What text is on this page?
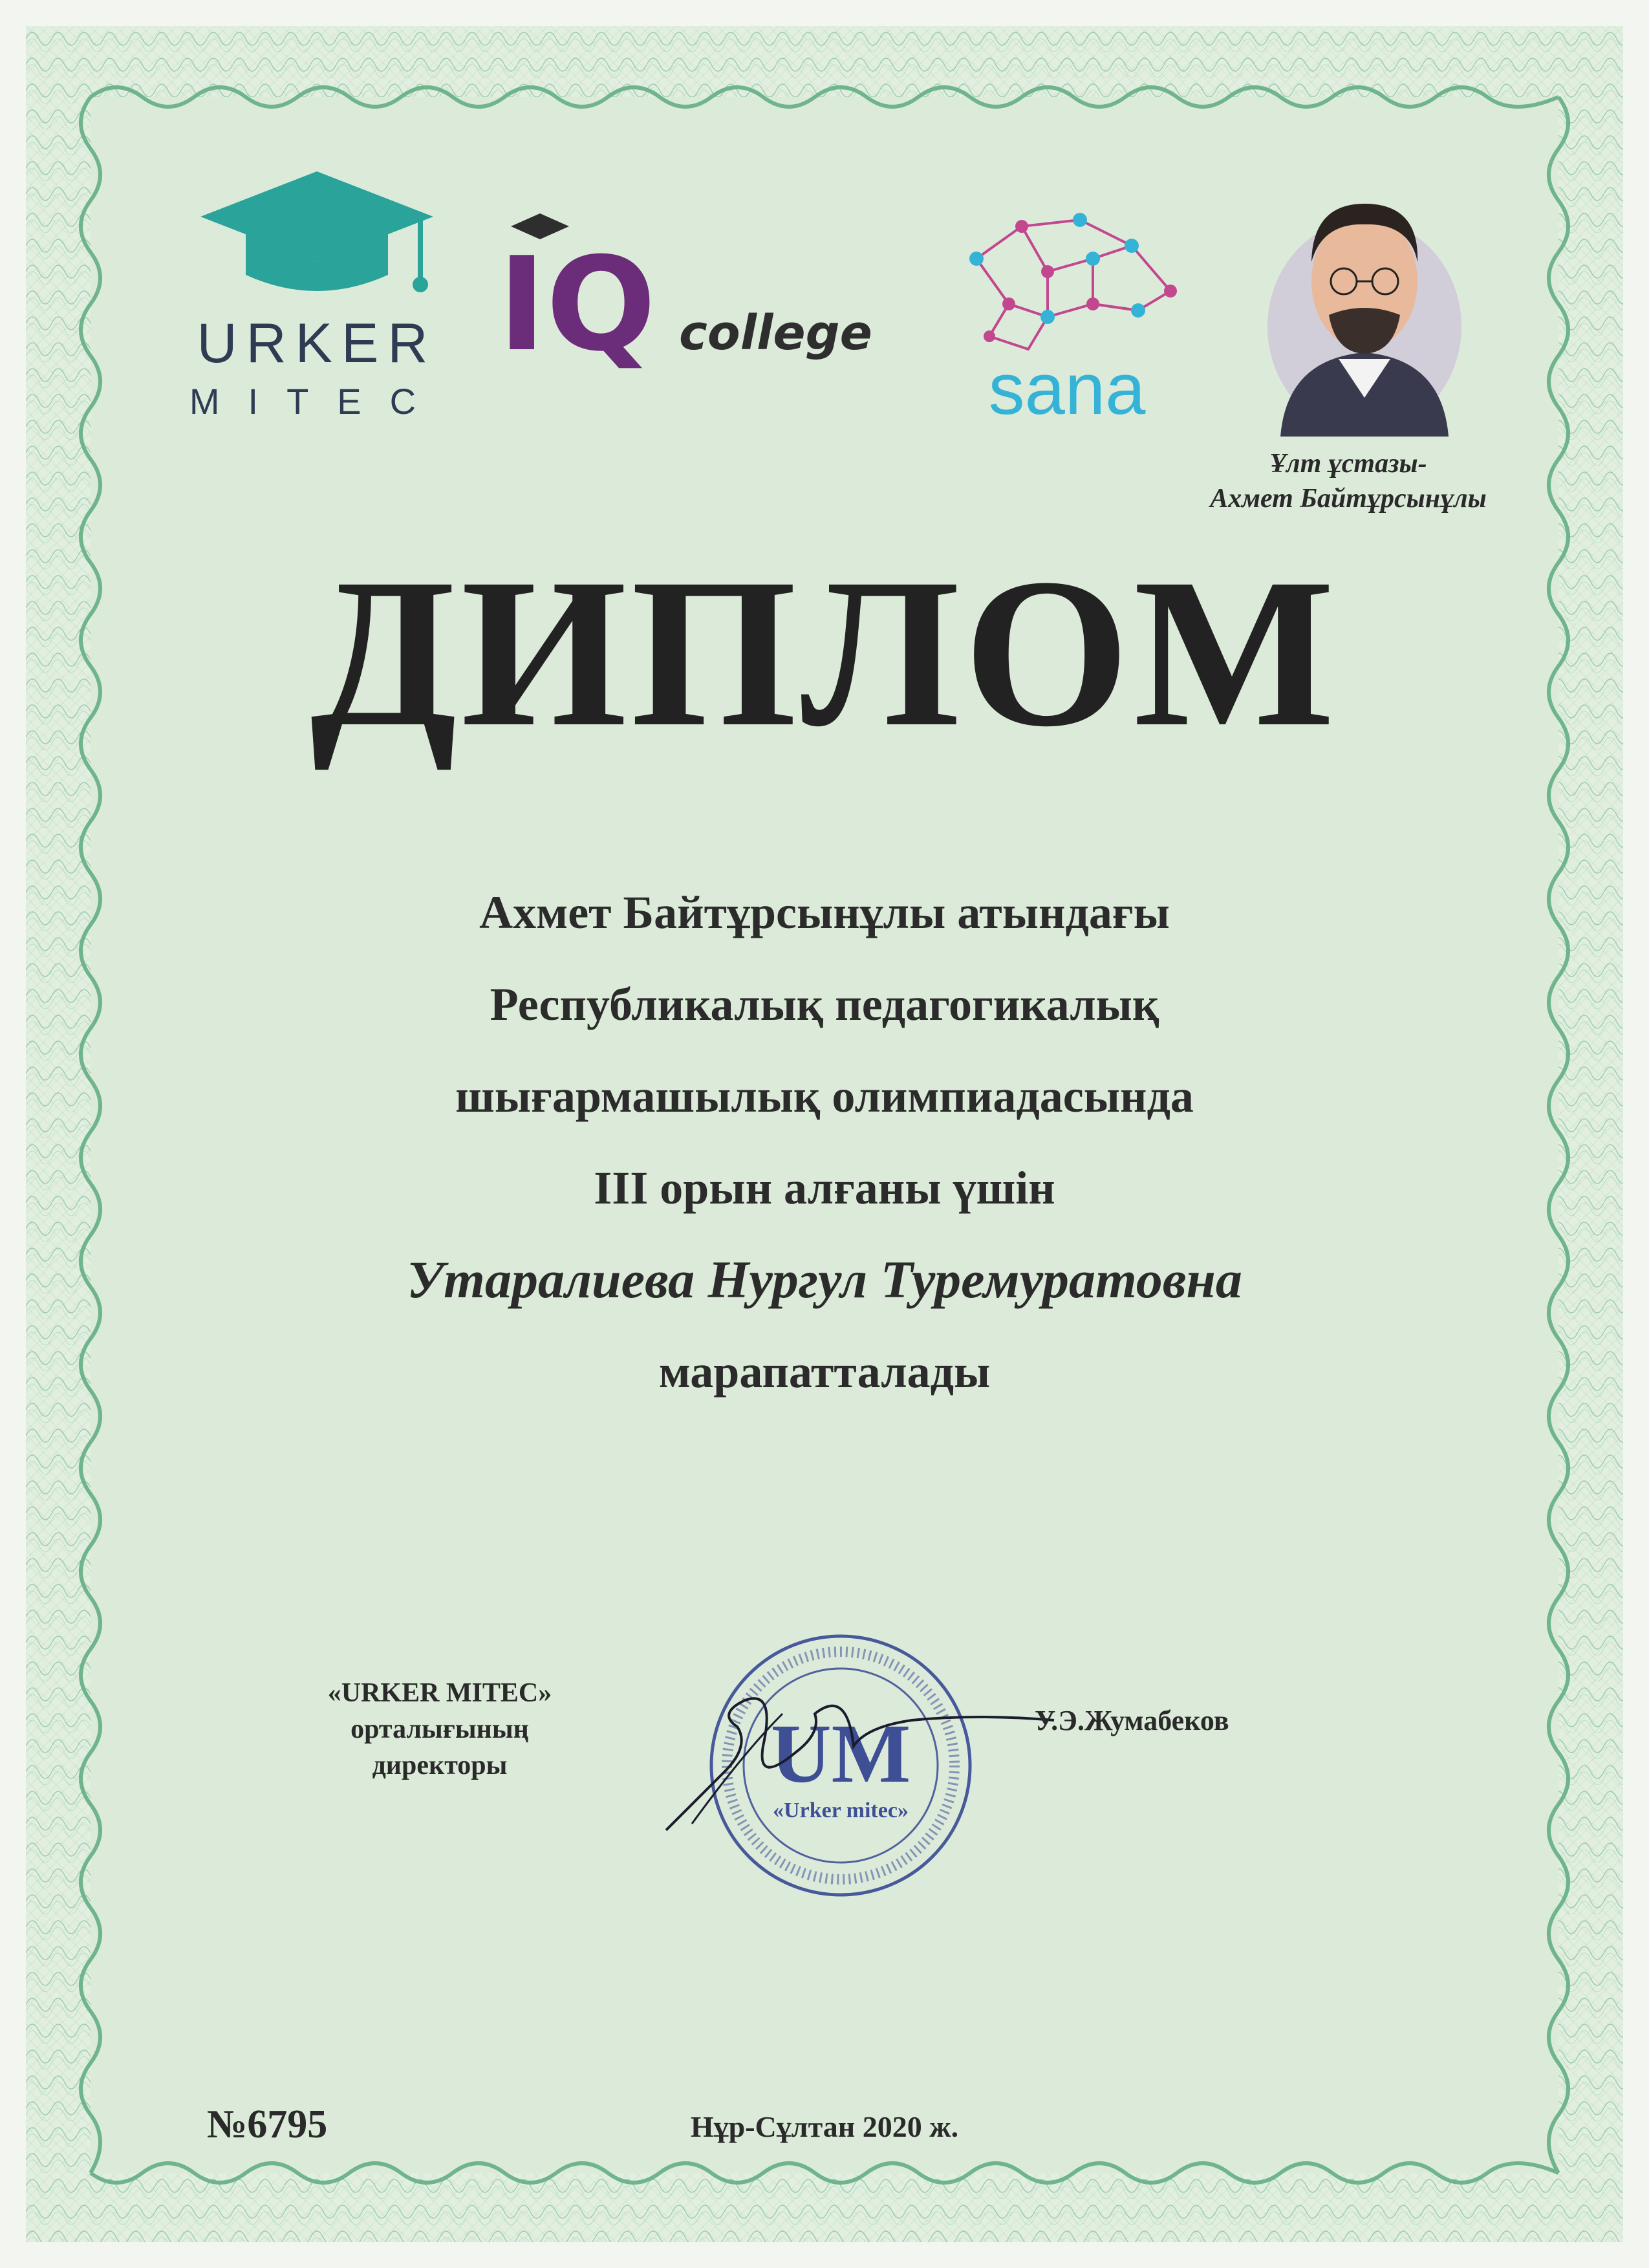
URKER
MITEC
IQ college
sana
Ұлт ұстазы-
Ахмет Байтұрсынұлы
ДИПЛОМ
Ахмет Байтұрсынұлы атындағы
Республикалық педагогикалық
шығармашылық олимпиадасында
ІІІ орын алғаны үшін
Утаралиева Нургул Туремуратовна
марапатталады
«URKER MITEC»
орталығының
директоры	UM
«Urker mitec»
У.Э.Жумабеков
№6795	Нұр-Сұлтан 2020 ж.
